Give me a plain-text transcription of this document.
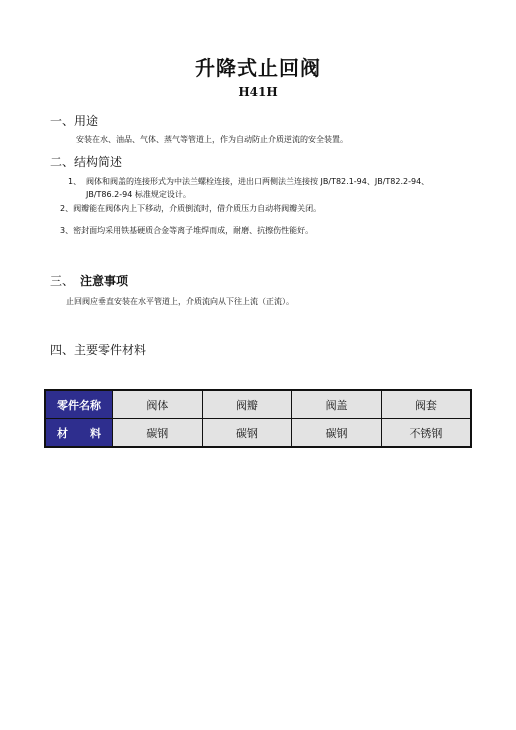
升降式止回阀
H41H
一、用途
安装在水、油品、气体、蒸气等管道上，作为自动防止介质逆流的安全装置。
二、结构简述
1、 阀体和阀盖的连接形式为中法兰螺栓连接，进出口两侧法兰连接按 JB/T82.1-94、JB/T82.2-94、
JB/T86.2-94 标准规定设计。
2、阀瓣能在阀体内上下移动，介质倒流时，借介质压力自动将阀瓣关闭。
3、密封面均采用铁基硬质合金等离子堆焊而成，耐磨、抗擦伤性能好。
三、 注意事项
止回阀应垂直安装在水平管道上，介质流向从下往上流（正流）。
四、主要零件材料
零件名称	阀体	阀瓣	阀盖	阀套
材　　料	碳钢	碳钢	碳钢	不锈钢
